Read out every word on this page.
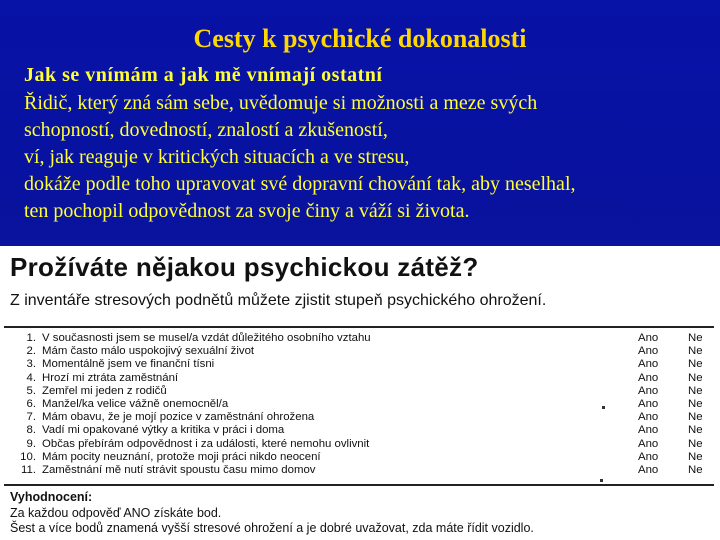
Cesty k psychické dokonalosti
Jak se vnímám a jak mě vnímají ostatní
Řidič, který zná sám sebe, uvědomuje si možnosti a meze svých
schopností, dovedností, znalostí a zkušeností,
ví, jak reaguje v kritických situacích a ve stresu,
dokáže podle toho upravovat své dopravní chování tak, aby neselhal,
ten pochopil odpovědnost za svoje činy a váží si života.
Prožíváte nějakou psychickou zátěž?
Z inventáře stresových podnětů můžete zjistit stupeň psychického ohrožení.
1. V současnosti jsem se musel/a vzdát důležitého osobního vztahu	Ano	Ne
2. Mám často málo uspokojivý sexuální život	Ano	Ne
3. Momentálně jsem ve finanční tísni	Ano	Ne
4. Hrozí mi ztráta zaměstnání	Ano	Ne
5. Zemřel mi jeden z rodičů	Ano	Ne
6. Manžel/ka velice vážně onemocněl/a	Ano	Ne
7. Mám obavu, že je mojí pozice v zaměstnání ohrožena	Ano	Ne
8. Vadí mi opakované výtky a kritika v práci i doma	Ano	Ne
9. Občas přebírám odpovědnost i za události, které nemohu ovlivnit	Ano	Ne
10. Mám pocity neuznání, protože moji práci nikdo neocení	Ano	Ne
11. Zaměstnání mě nutí strávit spoustu času mimo domov	Ano	Ne
Vyhodnocení:
Za každou odpověď ANO získáte bod.
Šest a více bodů znamená vyšší stresové ohrožení a je dobré uvažovat, zda máte řídit vozidlo.
